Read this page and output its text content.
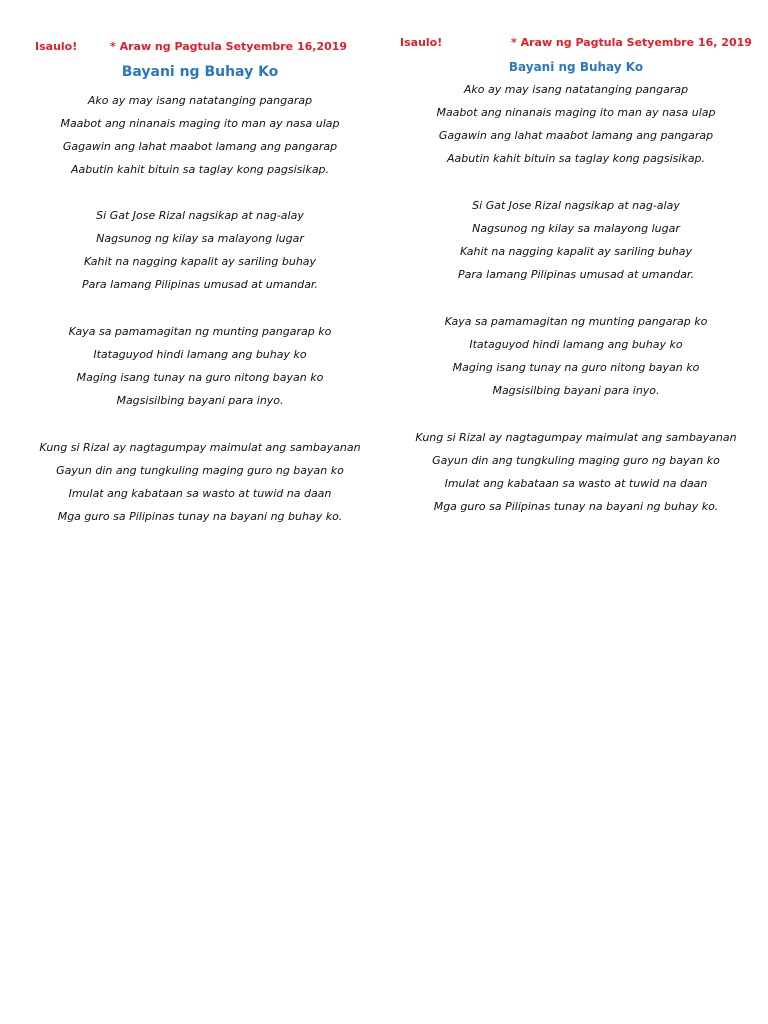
Isaulo!	* Araw ng Pagtula Setyembre 16,2019
Bayani ng Buhay Ko
Ako ay may isang natatanging pangarap
Maabot ang ninanais maging ito man ay nasa ulap
Gagawin ang lahat maabot lamang ang pangarap
Aabutin kahit bituin sa taglay kong pagsisikap.
Si Gat Jose Rizal nagsikap at nag-alay
Nagsunog ng kilay sa malayong lugar
Kahit na nagging kapalit ay sariling buhay
Para lamang Pilipinas umusad at umandar.
Kaya sa pamamagitan ng munting pangarap ko
Itataguyod hindi lamang ang buhay ko
Maging isang tunay na guro nitong bayan ko
Magsisilbing bayani para inyo.
Kung si Rizal ay nagtagumpay maimulat ang sambayanan
Gayun din ang tungkuling maging guro ng bayan ko
Imulat ang kabataan sa wasto at tuwid na daan
Mga guro sa Pilipinas tunay na bayani ng buhay ko.
Isaulo!	* Araw ng Pagtula Setyembre 16, 2019
Bayani ng Buhay Ko
Ako ay may isang natatanging pangarap
Maabot ang ninanais maging ito man ay nasa ulap
Gagawin ang lahat maabot lamang ang pangarap
Aabutin kahit bituin sa taglay kong pagsisikap.
Si Gat Jose Rizal nagsikap at nag-alay
Nagsunog ng kilay sa malayong lugar
Kahit na nagging kapalit ay sariling buhay
Para lamang Pilipinas umusad at umandar.
Kaya sa pamamagitan ng munting pangarap ko
Itataguyod hindi lamang ang buhay ko
Maging isang tunay na guro nitong bayan ko
Magsisilbing bayani para inyo.
Kung si Rizal ay nagtagumpay maimulat ang sambayanan
Gayun din ang tungkuling maging guro ng bayan ko
Imulat ang kabataan sa wasto at tuwid na daan
Mga guro sa Pilipinas tunay na bayani ng buhay ko.
